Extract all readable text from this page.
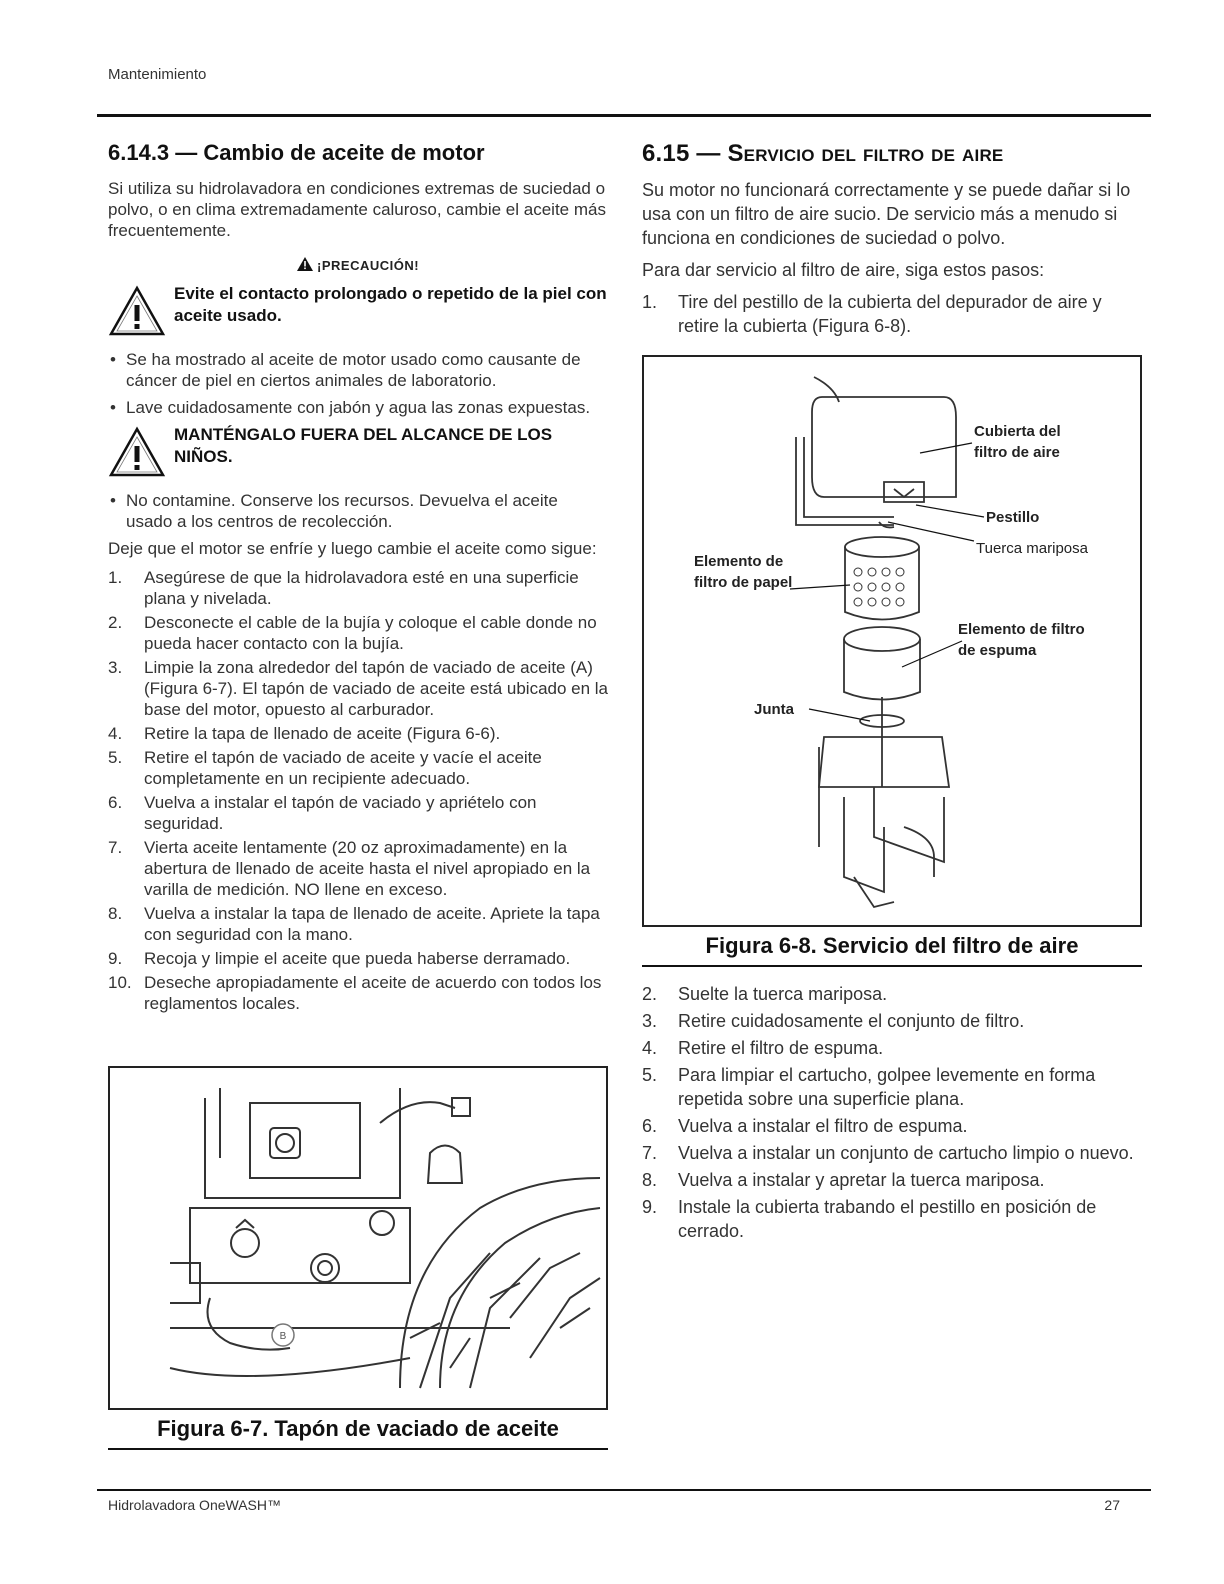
Mantenimiento
6.14.3 — Cambio de aceite de motor

Si utiliza su hidrolavadora en condiciones extremas de suciedad o polvo, o en clima extremadamente caluroso, cambie el aceite más frecuentemente.

¡PRECAUCIÓN!
Evite el contacto prolongado o repetido de la piel con aceite usado.
• Se ha mostrado al aceite de motor usado como causante de cáncer de piel en ciertos animales de laboratorio.
• Lave cuidadosamente con jabón y agua las zonas expuestas.
MANTÉNGALO FUERA DEL ALCANCE DE LOS NIÑOS.
• No contamine. Conserve los recursos. Devuelva el aceite usado a los centros de recolección.

Deje que el motor se enfríe y luego cambie el aceite como sigue:

1. Asegúrese de que la hidrolavadora esté en una superficie plana y nivelada.
2. Desconecte el cable de la bujía y coloque el cable donde no pueda hacer contacto con la bujía.
3. Limpie la zona alrededor del tapón de vaciado de aceite (A) (Figura 6-7). El tapón de vaciado de aceite está ubicado en la base del motor, opuesto al carburador.
4. Retire la tapa de llenado de aceite (Figura 6-6).
5. Retire el tapón de vaciado de aceite y vacíe el aceite completamente en un recipiente adecuado.
6. Vuelva a instalar el tapón de vaciado y apriételo con seguridad.
7. Vierta aceite lentamente (20 oz aproximadamente) en la abertura de llenado de aceite hasta el nivel apropiado en la varilla de medición. NO llene en exceso.
8. Vuelva a instalar la tapa de llenado de aceite. Apriete la tapa con seguridad con la mano.
9. Recoja y limpie el aceite que pueda haberse derramado.
10. Deseche apropiadamente el aceite de acuerdo con todos los reglamentos locales.
B
Figura 6-7. Tapón de vaciado de aceite
6.15 — Servicio del filtro de aire

Su motor no funcionará correctamente y se puede dañar si lo usa con un filtro de aire sucio. De servicio más a menudo si funciona en condiciones de suciedad o polvo.

Para dar servicio al filtro de aire, siga estos pasos:

1. Tire del pestillo de la cubierta del depurador de aire y retire la cubierta (Figura 6-8).
Cubierta del filtro de aire
Pestillo
Tuerca mariposa
Elemento de filtro de papel
Elemento de filtro de espuma
Junta
Figura 6-8. Servicio del filtro de aire
2. Suelte la tuerca mariposa.
3. Retire cuidadosamente el conjunto de filtro.
4. Retire el filtro de espuma.
5. Para limpiar el cartucho, golpee levemente en forma repetida sobre una superficie plana.
6. Vuelva a instalar el filtro de espuma.
7. Vuelva a instalar un conjunto de cartucho limpio o nuevo.
8. Vuelva a instalar y apretar la tuerca mariposa.
9. Instale la cubierta trabando el pestillo en posición de cerrado.
Hidrolavadora OneWASH™	27
